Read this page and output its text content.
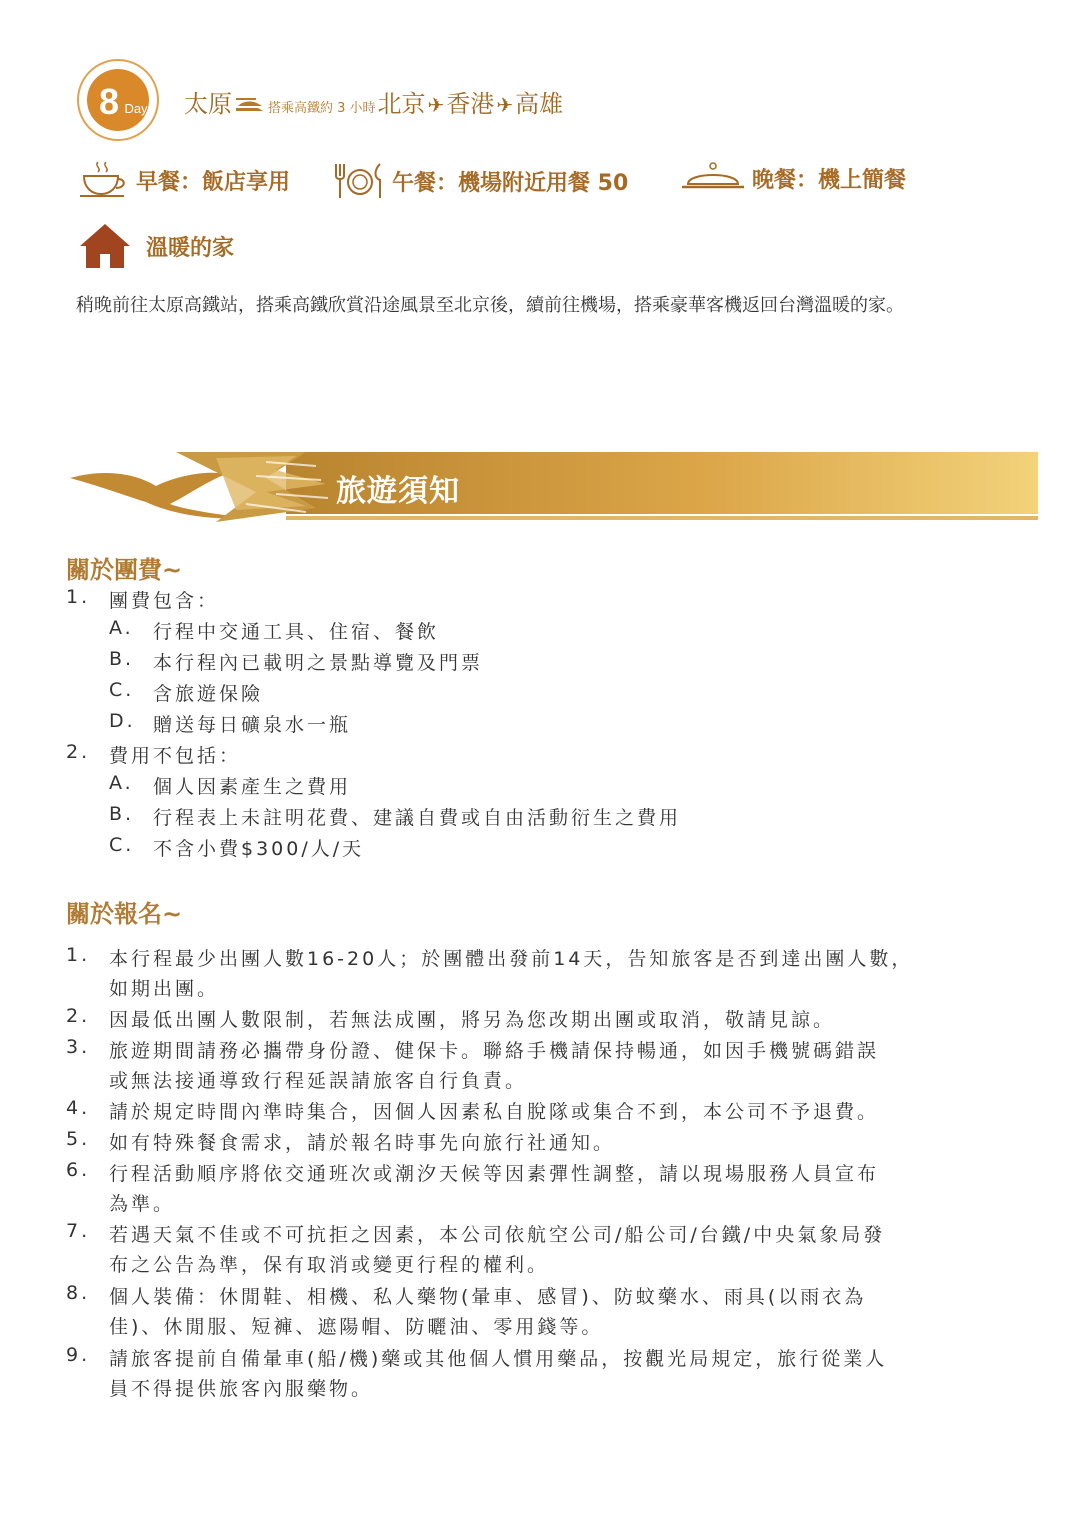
8 Day 太原	搭乘高鐵約 3 小時 北京 ✈ 香港 ✈ 高雄
早餐：飯店享用	午餐：機場附近用餐 50	晚餐：機上簡餐
溫暖的家
稍晚前往太原高鐵站，搭乘高鐵欣賞沿途風景至北京後，續前往機場，搭乘豪華客機返回台灣溫暖的家。
旅遊須知
關於團費~
1. 團費包含：
A. 行程中交通工具、住宿、餐飲
B. 本行程內已載明之景點導覽及門票
C. 含旅遊保險
D. 贈送每日礦泉水一瓶
2. 費用不包括：
A. 個人因素產生之費用
B. 行程表上未註明花費、建議自費或自由活動衍生之費用
C. 不含小費$300/人/天
關於報名~
1. 本行程最少出團人數16-20人；於團體出發前14天，告知旅客是否到達出團人數，
如期出團。
2. 因最低出團人數限制，若無法成團，將另為您改期出團或取消，敬請見諒。
3. 旅遊期間請務必攜帶身份證、健保卡。聯絡手機請保持暢通，如因手機號碼錯誤
或無法接通導致行程延誤請旅客自行負責。
4. 請於規定時間內準時集合，因個人因素私自脫隊或集合不到，本公司不予退費。
5. 如有特殊餐食需求，請於報名時事先向旅行社通知。
6. 行程活動順序將依交通班次或潮汐天候等因素彈性調整，請以現場服務人員宣布
為準。
7. 若遇天氣不佳或不可抗拒之因素，本公司依航空公司/船公司/台鐵/中央氣象局發
布之公告為準，保有取消或變更行程的權利。
8. 個人裝備：休閒鞋、相機、私人藥物(暈車、感冒)、防蚊藥水、雨具(以雨衣為
佳)、休閒服、短褲、遮陽帽、防曬油、零用錢等。
9. 請旅客提前自備暈車(船/機)藥或其他個人慣用藥品，按觀光局規定，旅行從業人
員不得提供旅客內服藥物。
